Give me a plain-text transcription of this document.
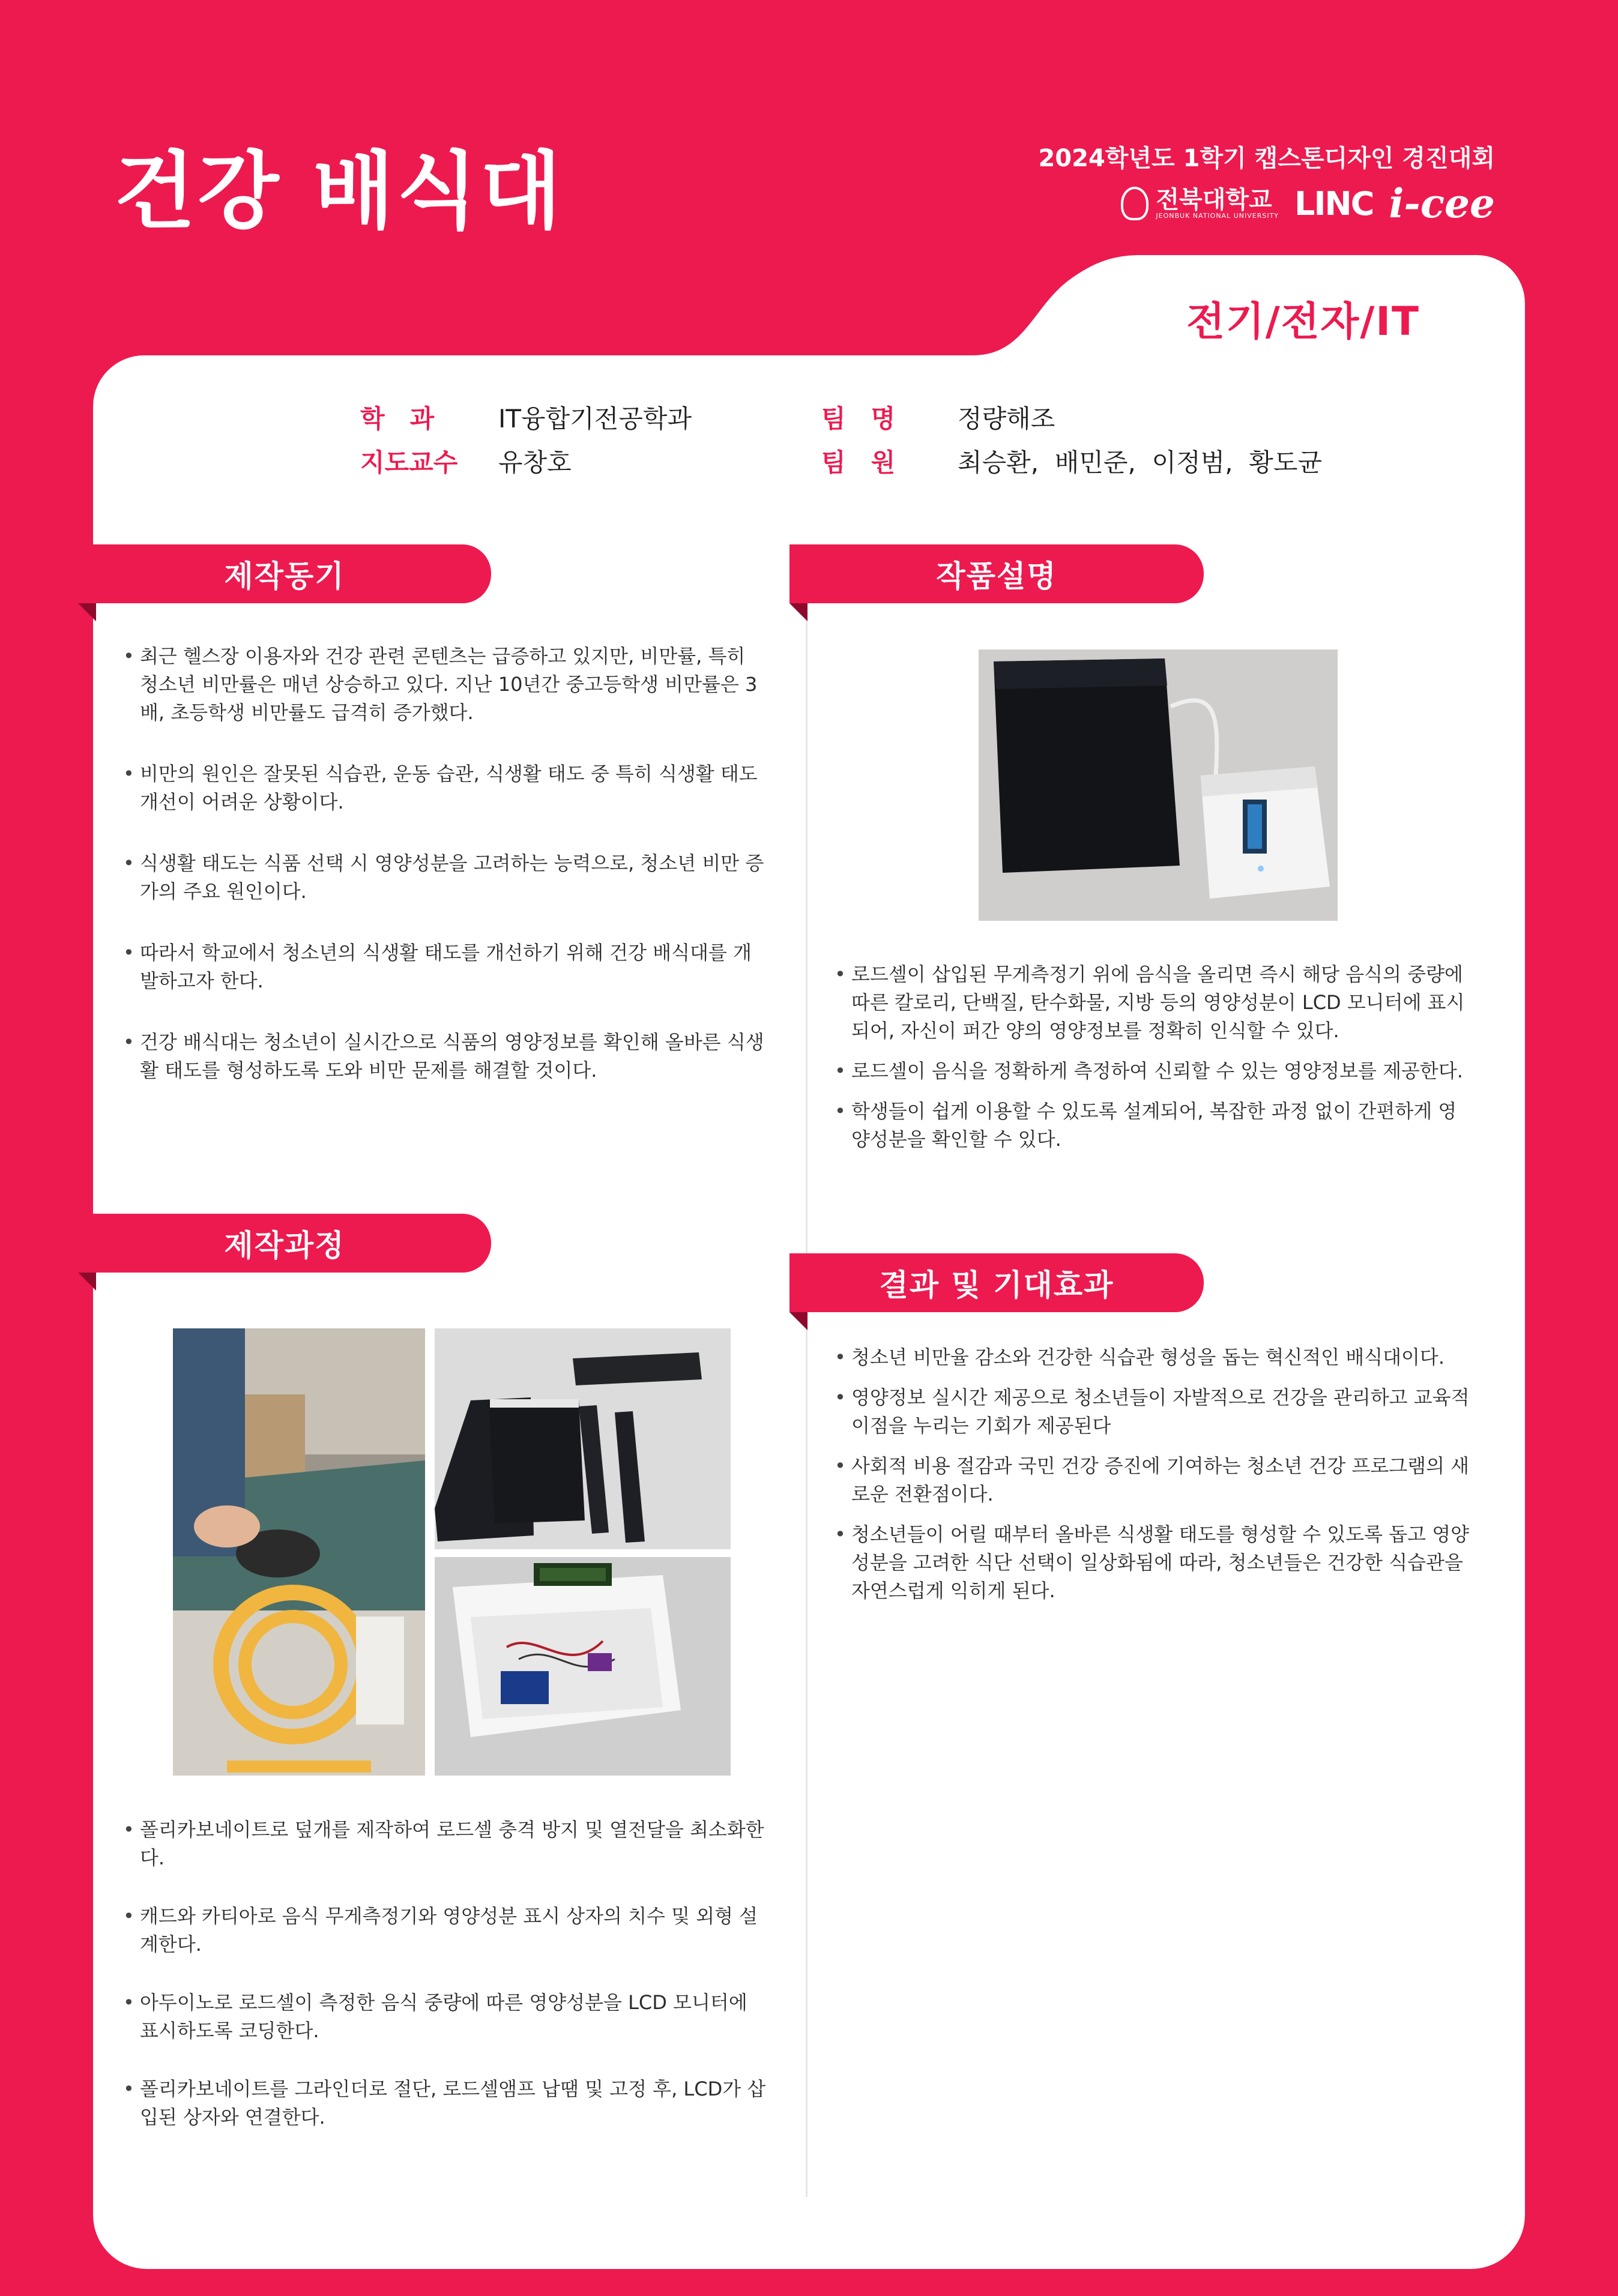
건강 배식대	2024학년도 1학기 캡스톤디자인 경진대회
전북대학교
JEONBUK NATIONAL UNIVERSITY LINC i-cee
전기/전자/IT
학　과	IT융합기전공학과
지도교수 유창호
팀　명 정량해조
팀　원 최승환,  배민준,  이정범,  황도균
제작동기
• 최근 헬스장 이용자와 건강 관련 콘텐츠는 급증하고 있지만, 비만률, 특히 청소년 비만률은 매년 상승하고 있다. 지난 10년간 중고등학생 비만률은 3배, 초등학생 비만률도 급격히 증가했다.
• 비만의 원인은 잘못된 식습관, 운동 습관, 식생활 태도 중 특히 식생활 태도 개선이 어려운 상황이다.
• 식생활 태도는 식품 선택 시 영양성분을 고려하는 능력으로, 청소년 비만 증가의 주요 원인이다.
• 따라서 학교에서 청소년의 식생활 태도를 개선하기 위해 건강 배식대를 개발하고자 한다.
• 건강 배식대는 청소년이 실시간으로 식품의 영양정보를 확인해 올바른 식생활 태도를 형성하도록 도와 비만 문제를 해결할 것이다.
작품설명
• 로드셀이 삽입된 무게측정기 위에 음식을 올리면 즉시 해당 음식의 중량에 따른 칼로리, 단백질, 탄수화물, 지방 등의 영양성분이 LCD 모니터에 표시되어, 자신이 퍼간 양의 영양정보를 정확히 인식할 수 있다.
• 로드셀이 음식을 정확하게 측정하여 신뢰할 수 있는 영양정보를 제공한다.
• 학생들이 쉽게 이용할 수 있도록 설계되어, 복잡한 과정 없이 간편하게 영양성분을 확인할 수 있다.
제작과정
• 폴리카보네이트로 덮개를 제작하여 로드셀 충격 방지 및 열전달을 최소화한다.
• 캐드와 카티아로 음식 무게측정기와 영양성분 표시 상자의 치수 및 외형 설계한다.
• 아두이노로 로드셀이 측정한 음식 중량에 따른 영양성분을 LCD 모니터에 표시하도록 코딩한다.
• 폴리카보네이트를 그라인더로 절단, 로드셀앰프 납땜 및 고정 후, LCD가 삽입된 상자와 연결한다.
결과 및 기대효과
• 청소년 비만율 감소와 건강한 식습관 형성을 돕는 혁신적인 배식대이다.
• 영양정보 실시간 제공으로 청소년들이 자발적으로 건강을 관리하고 교육적 이점을 누리는 기회가 제공된다
• 사회적 비용 절감과 국민 건강 증진에 기여하는 청소년 건강 프로그램의 새로운 전환점이다.
• 청소년들이 어릴 때부터 올바른 식생활 태도를 형성할 수 있도록 돕고 영양성분을 고려한 식단 선택이 일상화됨에 따라, 청소년들은 건강한 식습관을 자연스럽게 익히게 된다.
